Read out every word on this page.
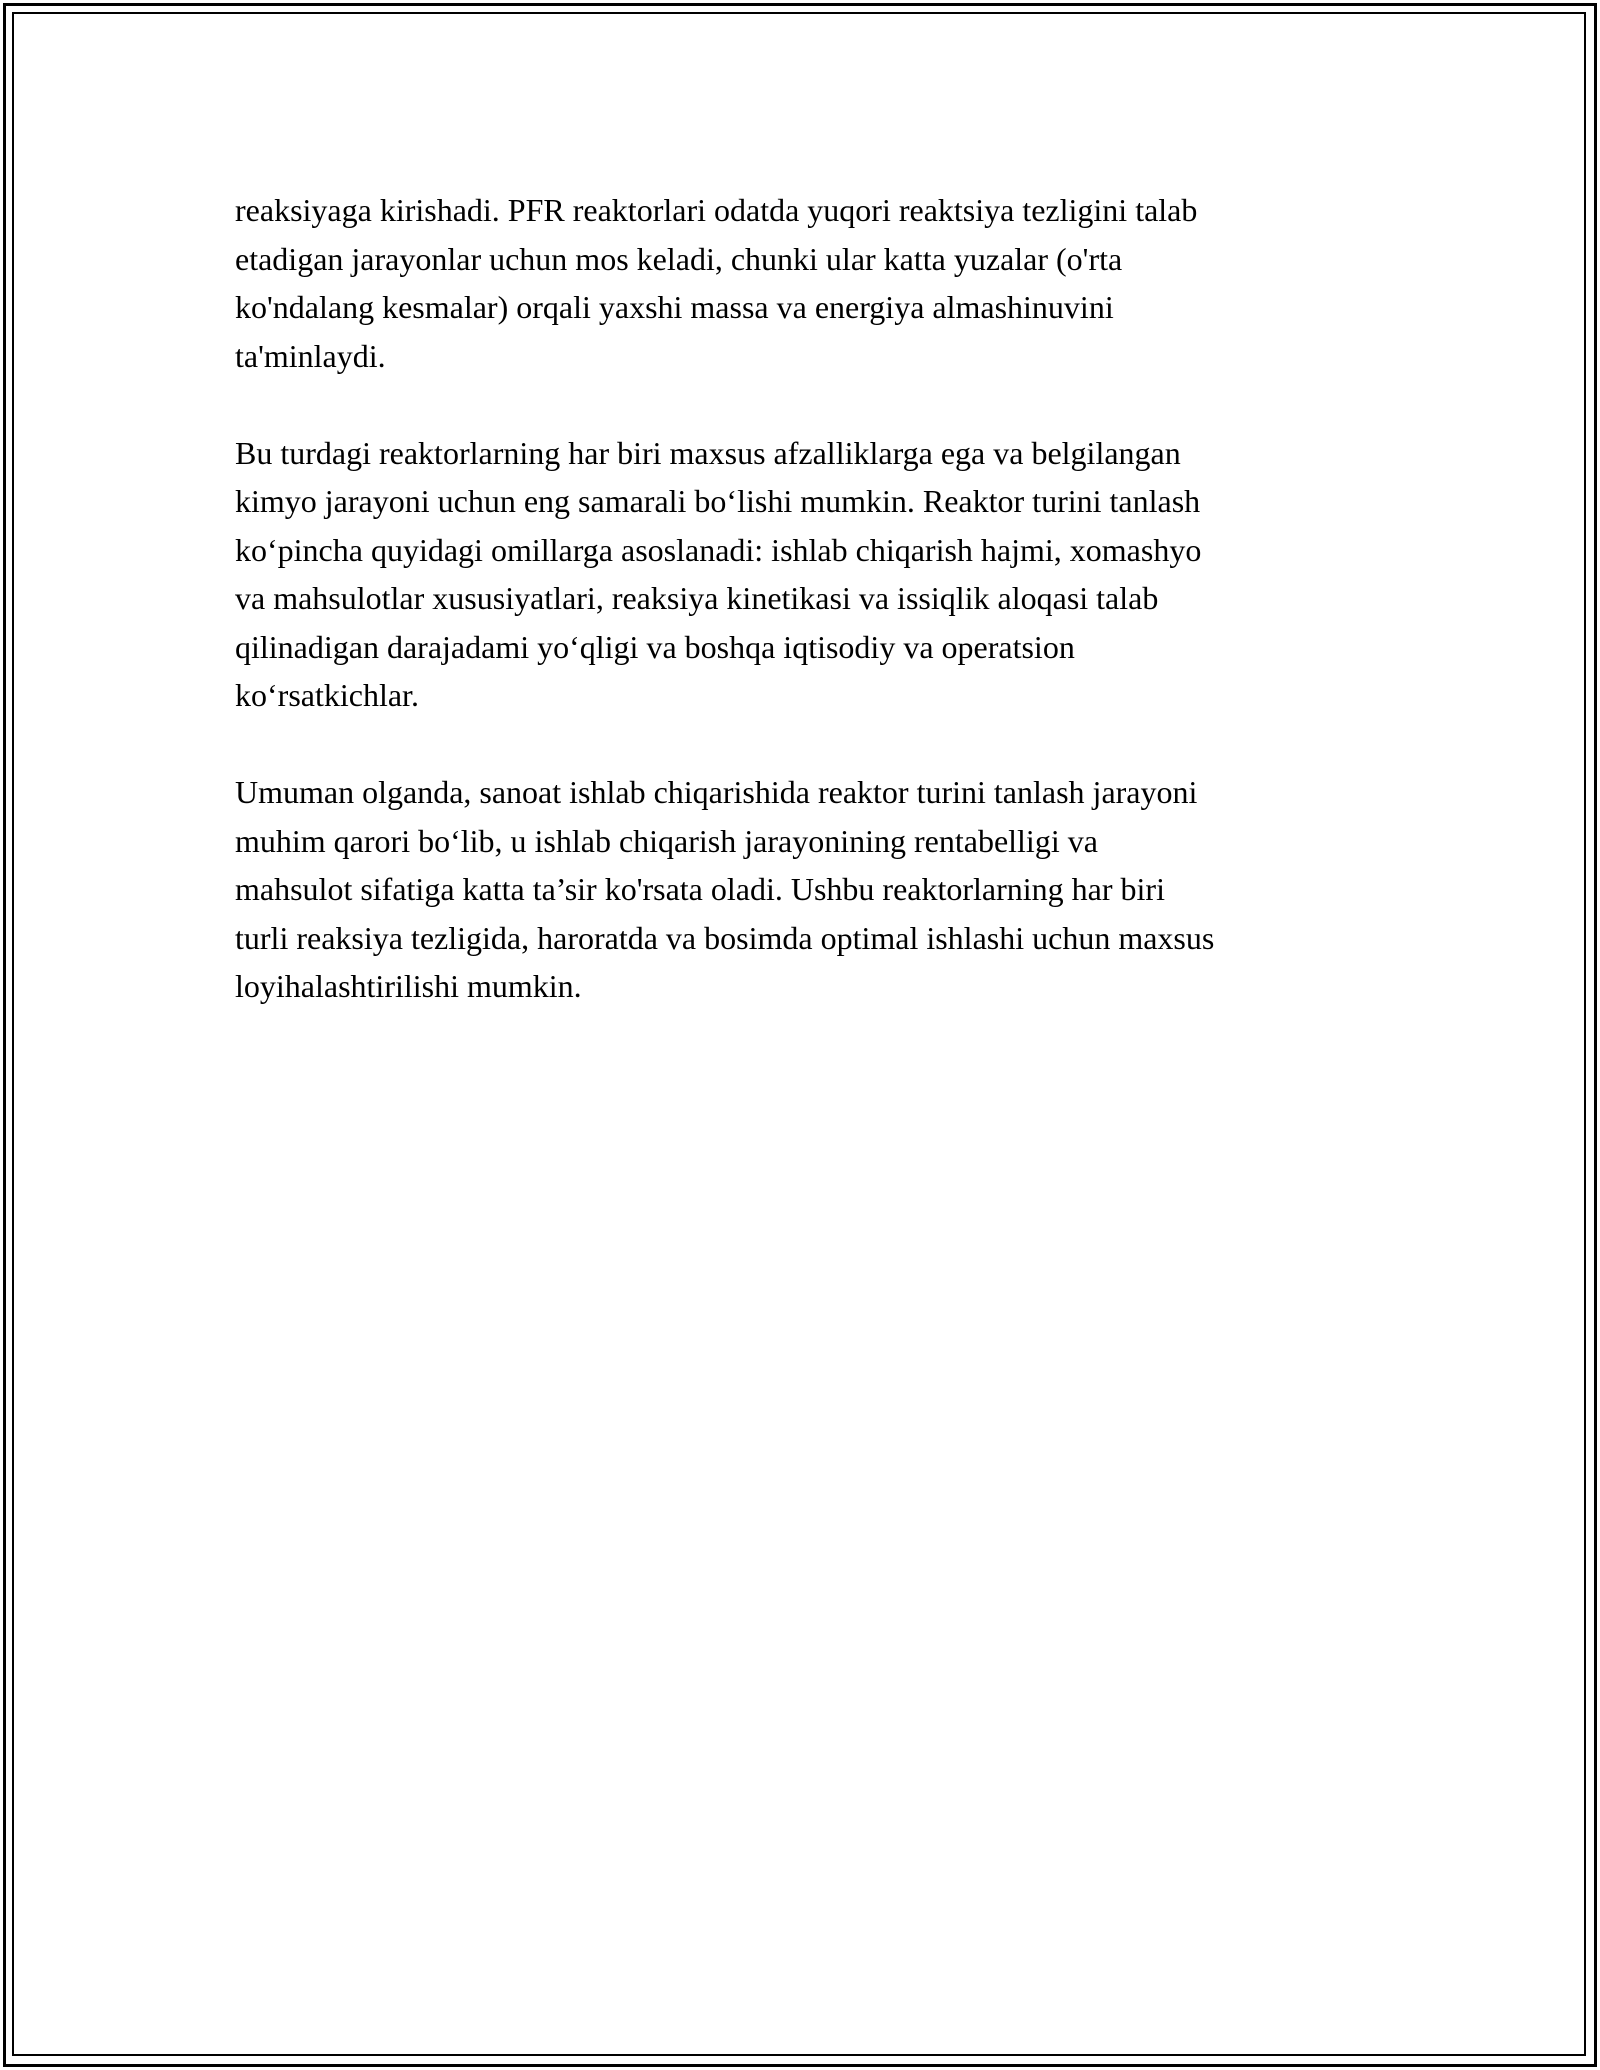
reaksiyaga kirishadi. PFR reaktorlari odatda yuqori reaktsiya tezligini talab
etadigan jarayonlar uchun mos keladi, chunki ular katta yuzalar (o'rta
ko'ndalang kesmalar) orqali yaxshi massa va energiya almashinuvini
ta'minlaydi.

Bu turdagi reaktorlarning har biri maxsus afzalliklarga ega va belgilangan
kimyo jarayoni uchun eng samarali bo‘lishi mumkin. Reaktor turini tanlash
ko‘pincha quyidagi omillarga asoslanadi: ishlab chiqarish hajmi, xomashyo
va mahsulotlar xususiyatlari, reaksiya kinetikasi va issiqlik aloqasi talab
qilinadigan darajadami yo‘qligi va boshqa iqtisodiy va operatsion
ko‘rsatkichlar.

Umuman olganda, sanoat ishlab chiqarishida reaktor turini tanlash jarayoni
muhim qarori bo‘lib, u ishlab chiqarish jarayonining rentabelligi va
mahsulot sifatiga katta ta’sir ko'rsata oladi. Ushbu reaktorlarning har biri
turli reaksiya tezligida, haroratda va bosimda optimal ishlashi uchun maxsus
loyihalashtirilishi mumkin.
